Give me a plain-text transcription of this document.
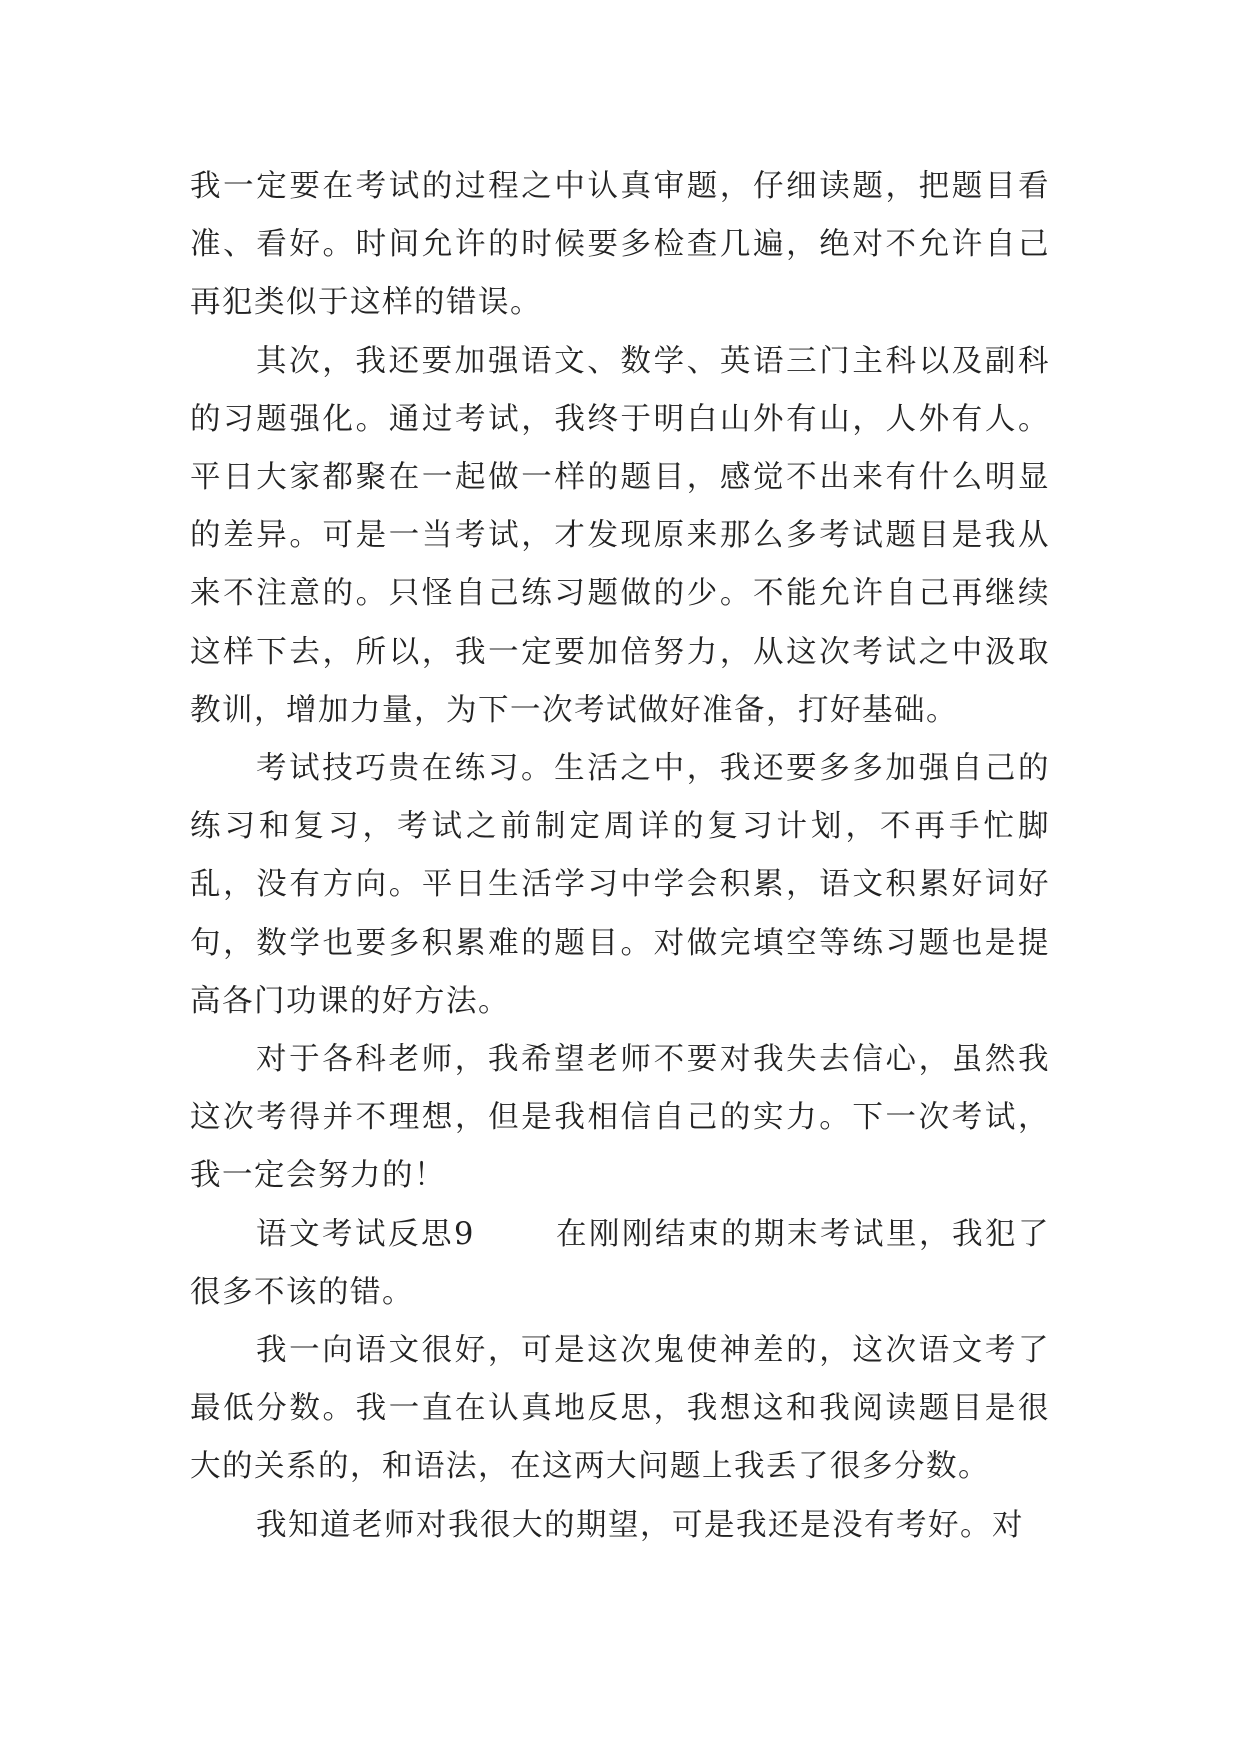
我一定要在考试的过程之中认真审题，仔细读题，把题目看准、看好。时间允许的时候要多检查几遍，绝对不允许自己再犯类似于这样的错误。

其次，我还要加强语文、数学、英语三门主科以及副科的习题强化。通过考试，我终于明白山外有山，人外有人。平日大家都聚在一起做一样的题目，感觉不出来有什么明显的差异。可是一当考试，才发现原来那么多考试题目是我从来不注意的。只怪自己练习题做的少。不能允许自己再继续这样下去，所以，我一定要加倍努力，从这次考试之中汲取教训，增加力量，为下一次考试做好准备，打好基础。

考试技巧贵在练习。生活之中，我还要多多加强自己的练习和复习，考试之前制定周详的复习计划，不再手忙脚乱，没有方向。平日生活学习中学会积累，语文积累好词好句，数学也要多积累难的题目。对做完填空等练习题也是提高各门功课的好方法。

对于各科老师，我希望老师不要对我失去信心，虽然我这次考得并不理想，但是我相信自己的实力。下一次考试，我一定会努力的！

语文考试反思9	在刚刚结束的期末考试里，我犯了很多不该的错。

我一向语文很好，可是这次鬼使神差的，这次语文考了最低分数。我一直在认真地反思，我想这和我阅读题目是很大的关系的，和语法，在这两大问题上我丢了很多分数。

我知道老师对我很大的期望，可是我还是没有考好。对
